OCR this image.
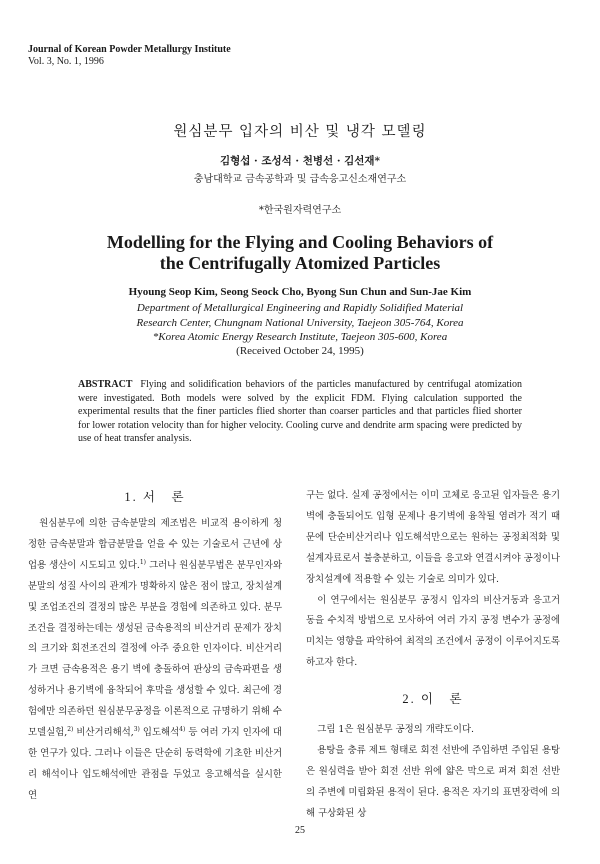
Journal of Korean Powder Metallurgy Institute
Vol. 3, No. 1, 1996
원심분무 입자의 비산 및 냉각 모델링
김형섭 · 조성석 · 천병선 · 김선재*
충남대학교 금속공학과 및 급속응고신소재연구소
*한국원자력연구소
Modelling for the Flying and Cooling Behaviors of
the Centrifugally Atomized Particles
Hyoung Seop Kim, Seong Seock Cho, Byong Sun Chun and Sun-Jae Kim
Department of Metallurgical Engineering and Rapidly Solidified Material
Research Center, Chungnam National University, Taejeon 305-764, Korea
*Korea Atomic Energy Research Institute, Taejeon 305-600, Korea
(Received October 24, 1995)
ABSTRACT Flying and solidification behaviors of the particles manufactured by centrifugal atomization were investigated. Both models were solved by the explicit FDM. Flying calculation supported the experimental results that the finer particles flied shorter than coarser particles and that particles flied shorter for lower rotation velocity than for higher velocity. Cooling curve and dendrite arm spacing were predicted by use of heat transfer analysis.
1. 서　론

원심분무에 의한 금속분말의 제조법은 비교적 용이하게 청정한 금속분말과 합금분말을 얻을 수 있는 기술로서 근년에 상업용 생산이 시도되고 있다.$^{1)}$ 그러나 원심분무법은 분무인자와 분말의 성질 사이의 관계가 명확하지 않은 점이 많고, 장치설계 및 조업조건의 결정의 많은 부분을 경험에 의존하고 있다. 분무조건을 결정하는데는 생성된 금속용적의 비산거리 문제가 장치의 크기와 회전조건의 결정에 아주 중요한 인자이다. 비산거리가 크면 금속용적은 용기 벽에 충돌하여 판상의 금속파편을 생성하거나 용기벽에 융착되어 후막을 생성할 수 있다. 최근에 경험에만 의존하던 원심분무공정을 이론적으로 규명하기 위해 수모델실험,$^{2)}$ 비산거리해석,$^{3)}$ 입도해석$^{4)}$ 등 여러 가지 인자에 대한 연구가 있다. 그러나 이들은 단순히 동력학에 기초한 비산거리 해석이나 입도해석에만 관점을 두었고 응고해석을 실시한 연

구는 없다. 실제 공정에서는 이미 고체로 응고된 입자들은 용기벽에 충돌되어도 입형 문제나 용기벽에 융착될 염려가 적기 때문에 단순비산거리나 입도해석만으로는 원하는 공정최적화 및 설계자료로서 불충분하고, 이들을 응고와 연결시켜야 공정이나 장치설계에 적용할 수 있는 기술로 의미가 있다.

이 연구에서는 원심분무 공정시 입자의 비산거동과 응고거동을 수치적 방법으로 모사하여 여러 가지 공정 변수가 공정에 미치는 영향을 파악하여 최적의 조건에서 공정이 이루어지도록 하고자 한다.

2. 이　론

그림 1은 원심분무 공정의 개략도이다.

용탕을 충류 제트 형태로 회전 선반에 주입하면 주입된 용탕은 원심력을 받아 회전 선반 위에 얇은 막으로 퍼져 회전 선반의 주변에 미립화된 용적이 된다. 용적은 자기의 표면장력에 의해 구상화된 상

25
